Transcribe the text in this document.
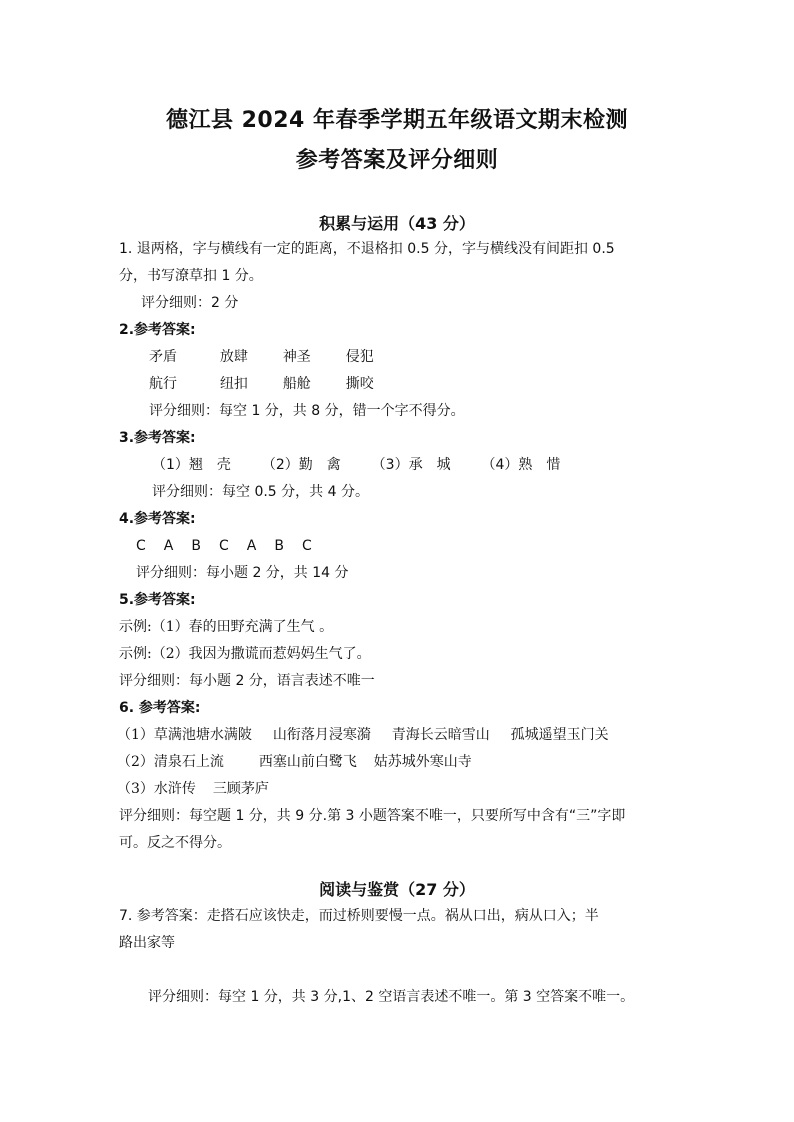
德江县 2024 年春季学期五年级语文期末检测
参考答案及评分细则
积累与运用（43 分）
1. 退两格，字与横线有一定的距离，不退格扣 0.5 分，字与横线没有间距扣 0.5
分，书写潦草扣 1 分。
评分细则：2 分
2.参考答案:
矛盾	放肆 神圣 侵犯
航行	纽扣 船舱 撕咬
评分细则：每空 1 分，共 8 分，错一个字不得分。
3.参考答案:
（1）翘　壳 （2）勤　禽 （3）承　城 （4）熟　惜
评分细则：每空 0.5 分，共 4 分。
4.参考答案:
C A B C A B C
评分细则：每小题 2 分，共 14 分
5.参考答案:
示例:（1）春的田野充满了生气 。
示例:（2）我因为撒谎而惹妈妈生气了。
评分细则：每小题 2 分，语言表述不唯一
6. 参考答案:
（1）草满池塘水满陂 山衔落月浸寒漪 青海长云暗雪山 孤城遥望玉门关
（2）清泉石上流 西塞山前白鹭飞 姑苏城外寒山寺
（3）水浒传 三顾茅庐
评分细则：每空题 1 分，共 9 分.第 3 小题答案不唯一，只要所写中含有“三”字即
可。反之不得分。
阅读与鉴赏（27 分）
7. 参考答案：走搭石应该快走，而过桥则要慢一点。祸从口出，病从口入；半
路出家等
评分细则：每空 1 分，共 3 分,1、2 空语言表述不唯一。第 3 空答案不唯一。
